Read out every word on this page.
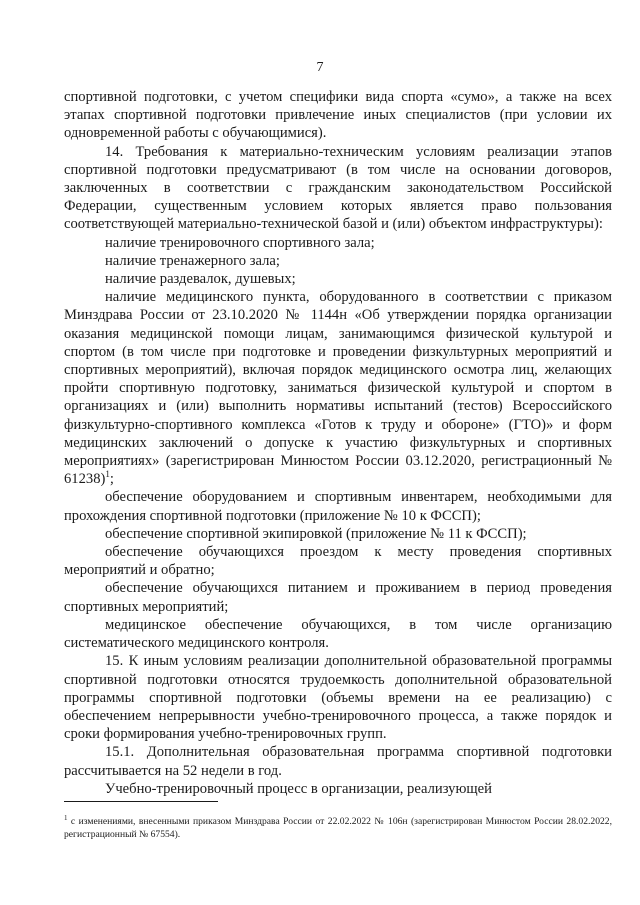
7

спортивной подготовки, с учетом специфики вида спорта «сумо», а также на всех этапах спортивной подготовки привлечение иных специалистов (при условии их одновременной работы с обучающимися).

14. Требования к материально-техническим условиям реализации этапов спортивной подготовки предусматривают (в том числе на основании договоров, заключенных в соответствии с гражданским законодательством Российской Федерации, существенным условием которых является право пользования соответствующей материально-технической базой и (или) объектом инфраструктуры):

наличие тренировочного спортивного зала;

наличие тренажерного зала;

наличие раздевалок, душевых;

наличие медицинского пункта, оборудованного в соответствии с приказом Минздрава России от 23.10.2020 № 1144н «Об утверждении порядка организации оказания медицинской помощи лицам, занимающимся физической культурой и спортом (в том числе при подготовке и проведении физкультурных мероприятий и спортивных мероприятий), включая порядок медицинского осмотра лиц, желающих пройти спортивную подготовку, заниматься физической культурой и спортом в организациях и (или) выполнить нормативы испытаний (тестов) Всероссийского физкультурно-спортивного комплекса «Готов к труду и обороне» (ГТО)» и форм медицинских заключений о допуске к участию физкультурных и спортивных мероприятиях» (зарегистрирован Минюстом России 03.12.2020, регистрационный № 61238)$^1$;

обеспечение оборудованием и спортивным инвентарем, необходимыми для прохождения спортивной подготовки (приложение № 10 к ФССП);

обеспечение спортивной экипировкой (приложение № 11 к ФССП);

обеспечение обучающихся проездом к месту проведения спортивных мероприятий и обратно;

обеспечение обучающихся питанием и проживанием в период проведения спортивных мероприятий;

медицинское обеспечение обучающихся, в том числе организацию систематического медицинского контроля.

15. К иным условиям реализации дополнительной образовательной программы спортивной подготовки относятся трудоемкость дополнительной образовательной программы спортивной подготовки (объемы времени на ее реализацию) с обеспечением непрерывности учебно-тренировочного процесса, а также порядок и сроки формирования учебно-тренировочных групп.

15.1. Дополнительная образовательная программа спортивной подготовки рассчитывается на 52 недели в год.

Учебно-тренировочный процесс в организации, реализующей

$^1$ с изменениями, внесенными приказом Минздрава России от 22.02.2022 № 106н (зарегистрирован Минюстом России 28.02.2022, регистрационный № 67554).
